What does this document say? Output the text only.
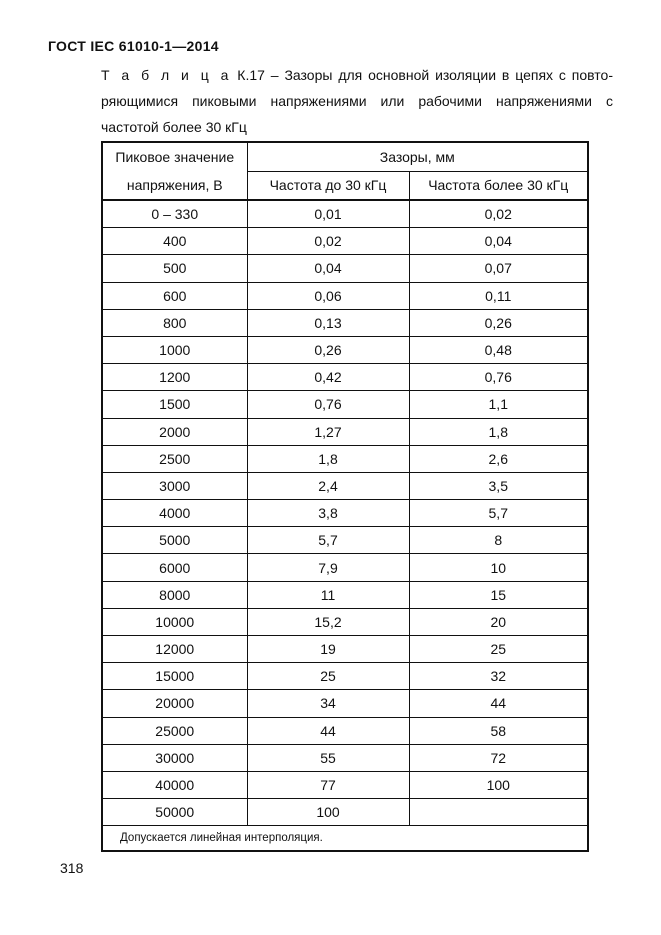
ГОСТ IEC 61010-1—2014
Т а б л и ц а К.17 – Зазоры для основной изоляции в цепях с повто-
ряющимися пиковыми напряжениями или рабочими напряжениями с
частотой более 30 кГц
Пиковое значение
напряжения, В	Зазоры, мм	
	Частота до 30 кГц	Частота более 30 кГц
0 – 330	0,01	0,02
400	0,02	0,04
500	0,04	0,07
600	0,06	0,11
800	0,13	0,26
1000	0,26	0,48
1200	0,42	0,76
1500	0,76	1,1
2000	1,27	1,8
2500	1,8	2,6
3000	2,4	3,5
4000	3,8	5,7
5000	5,7	8
6000	7,9	10
8000	11	15
10000	15,2	20
12000	19	25
15000	25	32
20000	34	44
25000	44	58
30000	55	72
40000	77	100
50000	100	
Допускается линейная интерполяция.		
318
